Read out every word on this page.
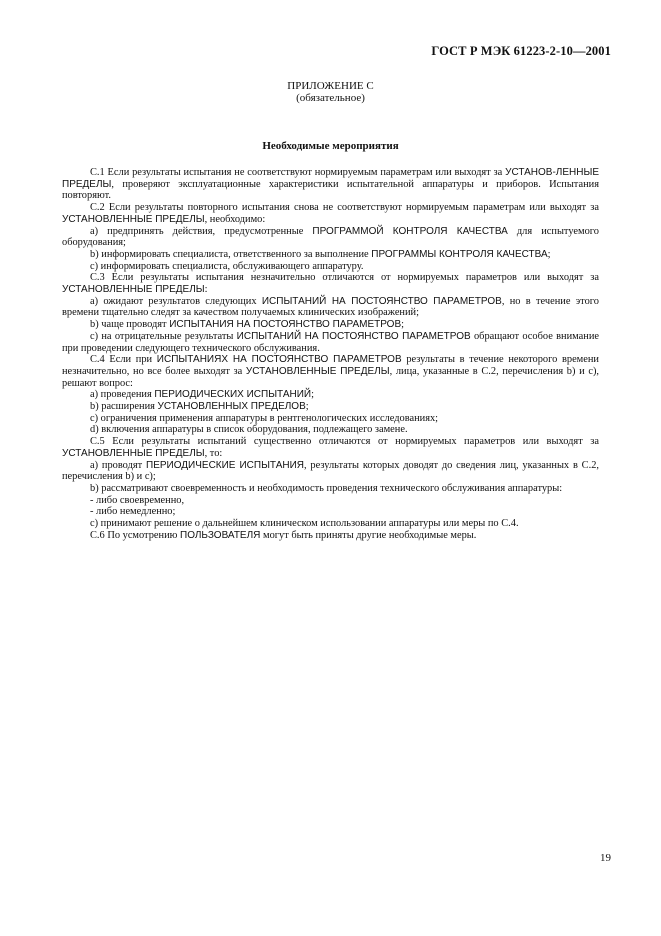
ГОСТ Р МЭК 61223-2-10—2001
ПРИЛОЖЕНИЕ С
(обязательное)
Необходимые мероприятия

С.1 Если результаты испытания не соответствуют нормируемым параметрам или выходят за УСТАНОВ-ЛЕННЫЕ ПРЕДЕЛЫ, проверяют эксплуатационные характеристики испытательной аппаратуры и приборов. Испытания повторяют.

С.2 Если результаты повторного испытания снова не соответствуют нормируемым параметрам или выходят за УСТАНОВЛЕННЫЕ ПРЕДЕЛЫ, необходимо:

а) предпринять действия, предусмотренные ПРОГРАММОЙ КОНТРОЛЯ КАЧЕСТВА для испытуемого оборудования;

b) информировать специалиста, ответственного за выполнение ПРОГРАММЫ КОНТРОЛЯ КАЧЕСТВА;

с) информировать специалиста, обслуживающего аппаратуру.

С.3 Если результаты испытания незначительно отличаются от нормируемых параметров или выходят за УСТАНОВЛЕННЫЕ ПРЕДЕЛЫ:

а) ожидают результатов следующих ИСПЫТАНИЙ НА ПОСТОЯНСТВО ПАРАМЕТРОВ, но в течение этого времени тщательно следят за качеством получаемых клинических изображений;

b) чаще проводят ИСПЫТАНИЯ НА ПОСТОЯНСТВО ПАРАМЕТРОВ;

с) на отрицательные результаты ИСПЫТАНИЙ НА ПОСТОЯНСТВО ПАРАМЕТРОВ обращают особое внимание при проведении следующего технического обслуживания.

С.4 Если при ИСПЫТАНИЯХ НА ПОСТОЯНСТВО ПАРАМЕТРОВ результаты в течение некоторого времени незначительно, но все более выходят за УСТАНОВЛЕННЫЕ ПРЕДЕЛЫ, лица, указанные в С.2, перечисления b) и с), решают вопрос:

а) проведения ПЕРИОДИЧЕСКИХ ИСПЫТАНИЙ;

b) расширения УСТАНОВЛЕННЫХ ПРЕДЕЛОВ;

с) ограничения применения аппаратуры в рентгенологических исследованиях;

d) включения аппаратуры в список оборудования, подлежащего замене.

С.5 Если результаты испытаний существенно отличаются от нормируемых параметров или выходят за УСТАНОВЛЕННЫЕ ПРЕДЕЛЫ, то:

а) проводят ПЕРИОДИЧЕСКИЕ ИСПЫТАНИЯ, результаты которых доводят до сведения лиц, указанных в С.2, перечисления b) и с);

b) рассматривают своевременность и необходимость проведения технического обслуживания аппаратуры:

- либо своевременно,

- либо немедленно;

с) принимают решение о дальнейшем клиническом использовании аппаратуры или меры по С.4.

С.6 По усмотрению ПОЛЬЗОВАТЕЛЯ могут быть приняты другие необходимые меры.

19
